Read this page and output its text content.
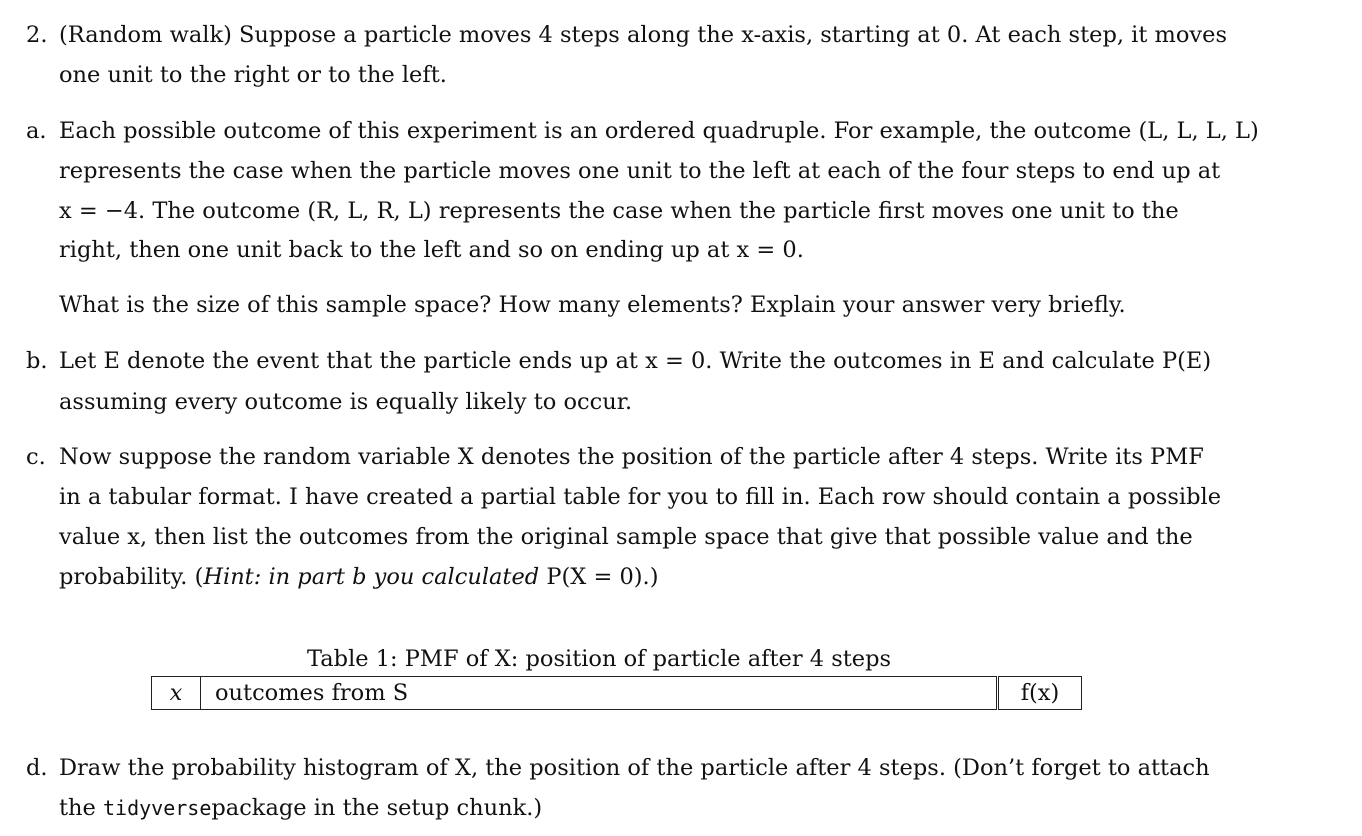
2. (Random walk) Suppose a particle moves 4 steps along the x-axis, starting at 0. At each step, it moves
one unit to the right or to the left.
a. Each possible outcome of this experiment is an ordered quadruple. For example, the outcome (L, L, L, L)
represents the case when the particle moves one unit to the left at each of the four steps to end up at
x = −4. The outcome (R, L, R, L) represents the case when the particle first moves one unit to the
right, then one unit back to the left and so on ending up at x = 0.
What is the size of this sample space? How many elements? Explain your answer very briefly.
b. Let E denote the event that the particle ends up at x = 0. Write the outcomes in E and calculate P(E)
assuming every outcome is equally likely to occur.
c. Now suppose the random variable X denotes the position of the particle after 4 steps. Write its PMF
in a tabular format. I have created a partial table for you to fill in. Each row should contain a possible
value x, then list the outcomes from the original sample space that give that possible value and the
probability. (Hint: in part b you calculated P(X = 0).)
Table 1: PMF of X: position of particle after 4 steps
x	outcomes from S	f(x)
d. Draw the probability histogram of X, the position of the particle after 4 steps. (Don’t forget to attach
the tidyversepackage in the setup chunk.)
